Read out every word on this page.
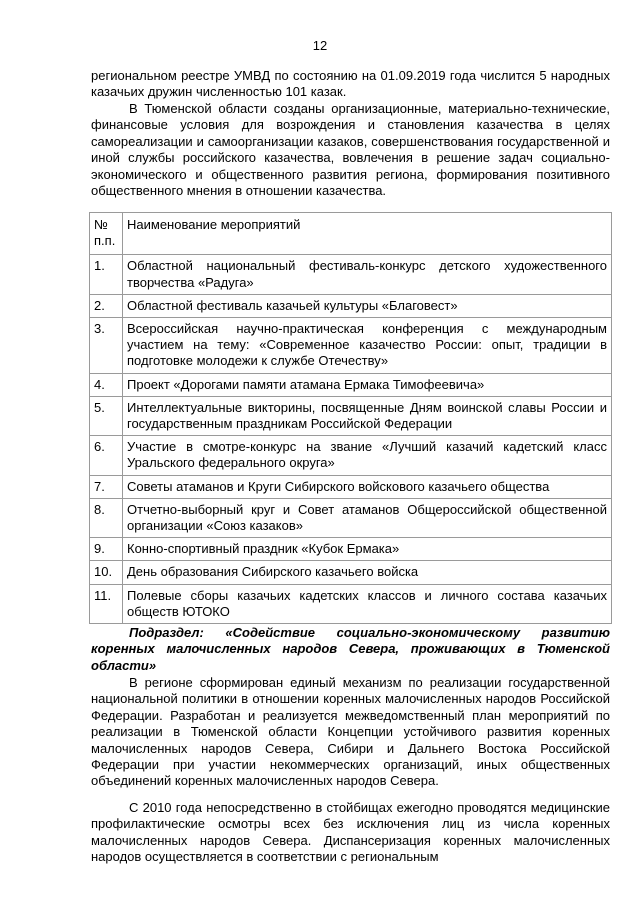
12

региональном реестре УМВД по состоянию на 01.09.2019 года числится 5 народных казачьих дружин численностью 101 казак.

В Тюменской области созданы организационные, материально-технические, финансовые условия для возрождения и становления казачества в целях самореализации и самоорганизации казаков, совершенствования государственной и иной службы российского казачества, вовлечения в решение задач социально-экономического и общественного развития региона, формирования позитивного общественного мнения в отношении казачества.

№ п.п.	Наименование мероприятий
1.	Областной национальный фестиваль-конкурс детского художественного творчества «Радуга»
2.	Областной фестиваль казачьей культуры «Благовест»
3.	Всероссийская научно-практическая конференция с международным участием на тему: «Современное казачество России: опыт, традиции в подготовке молодежи к службе Отечеству»
4.	Проект «Дорогами памяти атамана Ермака Тимофеевича»
5.	Интеллектуальные викторины, посвященные Дням воинской славы России и государственным праздникам Российской Федерации
6.	Участие в смотре-конкурс на звание «Лучший казачий кадетский класс Уральского федерального округа»
7.	Советы атаманов и Круги Сибирского войскового казачьего общества
8.	Отчетно-выборный круг и Совет атаманов Общероссийской общественной организации «Союз казаков»
9.	Конно-спортивный праздник «Кубок Ермака»
10.	День образования Сибирского казачьего войска
11.	Полевые сборы казачьих кадетских классов и личного состава казачьих обществ ЮТОКО

Подраздел: «Содействие социально-экономическому развитию коренных малочисленных народов Севера, проживающих в Тюменской области»

В регионе сформирован единый механизм по реализации государственной национальной политики в отношении коренных малочисленных народов Российской Федерации. Разработан и реализуется межведомственный план мероприятий по реализации в Тюменской области Концепции устойчивого развития коренных малочисленных народов Севера, Сибири и Дальнего Востока Российской Федерации при участии некоммерческих организаций, иных общественных объединений коренных малочисленных народов Севера.

С 2010 года непосредственно в стойбищах ежегодно проводятся медицинские профилактические осмотры всех без исключения лиц из числа коренных малочисленных народов Севера. Диспансеризация коренных малочисленных народов осуществляется в соответствии с региональным
